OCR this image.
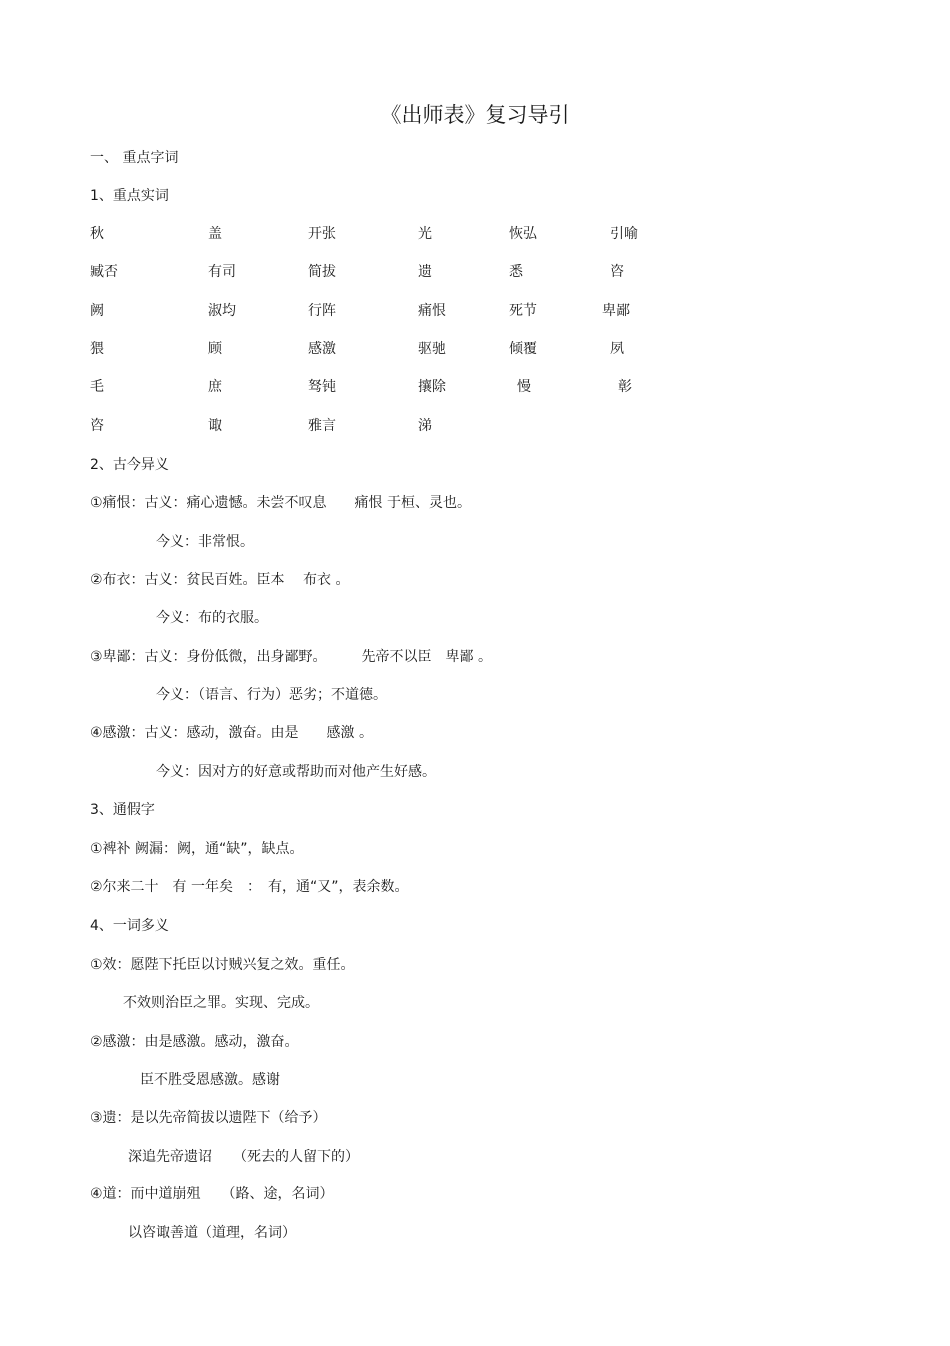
《出师表》复习导引
一、 重点字词
1、重点实词
秋	盖	开张	光	恢弘	引喻
臧否	有司	简拔	遗	悉	咨
阙	淑均	行阵	痛恨	死节	卑鄙
猥	顾	感激	驱驰	倾覆	夙
毛	庶	驽钝	攘除	慢	彰
咨	诹	雅言	涕
2、古今异义
①痛恨：古义：痛心遗憾。未尝不叹息　　痛恨 于桓、灵也。
今义：非常恨。
②布衣：古义：贫民百姓。臣本　 布衣 。
今义：布的衣服。
③卑鄙：古义：身份低微，出身鄙野。　　　先帝不以臣　卑鄙 。
今义：（语言、行为）恶劣；不道德。
④感激：古义：感动，激奋。由是　　感激 。
今义：因对方的好意或帮助而对他产生好感。
3、通假字
①裨补 阙漏：阙，通“缺”，缺点。
②尔来二十　有 一年矣　：　有，通“又”，表余数。
4、一词多义
①效：愿陛下托臣以讨贼兴复之效。重任。
不效则治臣之罪。实现、完成。
②感激：由是感激。感动，激奋。
臣不胜受恩感激。感谢
③遗：是以先帝简拔以遗陛下（给予）
深追先帝遗诏　　（死去的人留下的）
④道：而中道崩殂　　（路、途，名词）
以咨诹善道（道理，名词）
